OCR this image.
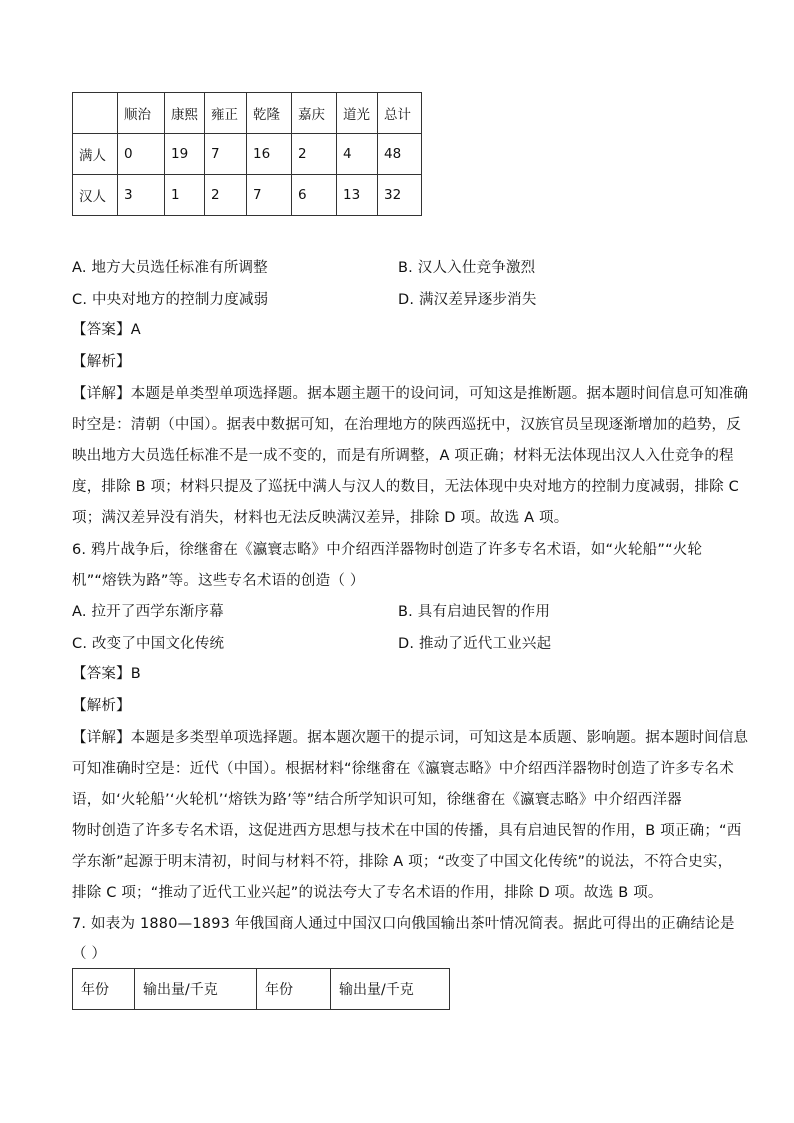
	顺治	康熙	雍正	乾隆	嘉庆	道光	总计
满人	0	19	7	16	2	4	48
汉人	3	1	2	7	6	13	32
A. 地方大员选任标准有所调整	B. 汉人入仕竞争激烈
C. 中央对地方的控制力度减弱	D. 满汉差异逐步消失
【答案】A
【解析】
【详解】本题是单类型单项选择题。据本题主题干的设问词，可知这是推断题。据本题时间信息可知准确
时空是：清朝（中国）。据表中数据可知，在治理地方的陕西巡抚中，汉族官员呈现逐渐增加的趋势，反
映出地方大员选任标准不是一成不变的，而是有所调整，A 项正确；材料无法体现出汉人入仕竞争的程
度，排除 B 项；材料只提及了巡抚中满人与汉人的数目，无法体现中央对地方的控制力度减弱，排除 C
项；满汉差异没有消失，材料也无法反映满汉差异，排除 D 项。故选 A 项。
6. 鸦片战争后，徐继畬在《瀛寰志略》中介绍西洋器物时创造了许多专名术语，如“火轮船”“火轮
机”“熔铁为路”等。这些专名术语的创造（ ）
A. 拉开了西学东渐序幕	B. 具有启迪民智的作用
C. 改变了中国文化传统	D. 推动了近代工业兴起
【答案】B
【解析】
【详解】本题是多类型单项选择题。据本题次题干的提示词，可知这是本质题、影响题。据本题时间信息
可知准确时空是：近代（中国）。根据材料“徐继畬在《瀛寰志略》中介绍西洋器物时创造了许多专名术
语，如‘火轮船’‘火轮机’‘熔铁为路’等”结合所学知识可知，徐继畬在《瀛寰志略》中介绍西洋器
物时创造了许多专名术语，这促进西方思想与技术在中国的传播，具有启迪民智的作用，B 项正确；“西
学东渐”起源于明末清初，时间与材料不符，排除 A 项；“改变了中国文化传统”的说法，不符合史实，
排除 C 项；“推动了近代工业兴起”的说法夸大了专名术语的作用，排除 D 项。故选 B 项。
7. 如表为 1880—1893 年俄国商人通过中国汉口向俄国输出茶叶情况简表。据此可得出的正确结论是
（ ）
年份	输出量/千克	年份	输出量/千克
